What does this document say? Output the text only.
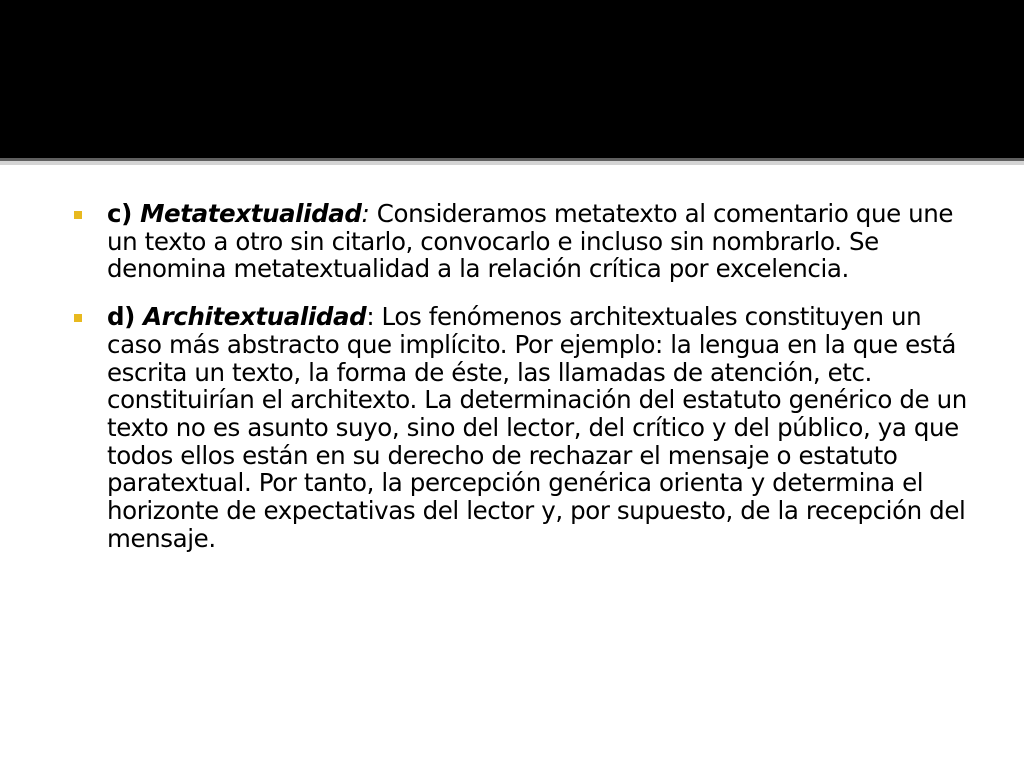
c) Metatextualidad: Consideramos metatexto al comentario que une un texto a otro sin citarlo, convocarlo e incluso sin nombrarlo. Se denomina metatextualidad a la relación crítica por excelencia.
d) Architextualidad: Los fenómenos architextuales constituyen un caso más abstracto que implícito. Por ejemplo: la lengua en la que está escrita un texto, la forma de éste, las llamadas de atención, etc. constituirían el architexto. La determinación del estatuto genérico de un texto no es asunto suyo, sino del lector, del crítico y del público, ya que todos ellos están en su derecho de rechazar el mensaje o estatuto paratextual. Por tanto, la percepción genérica orienta y determina el horizonte de expectativas del lector y, por supuesto, de la recepción del mensaje.
